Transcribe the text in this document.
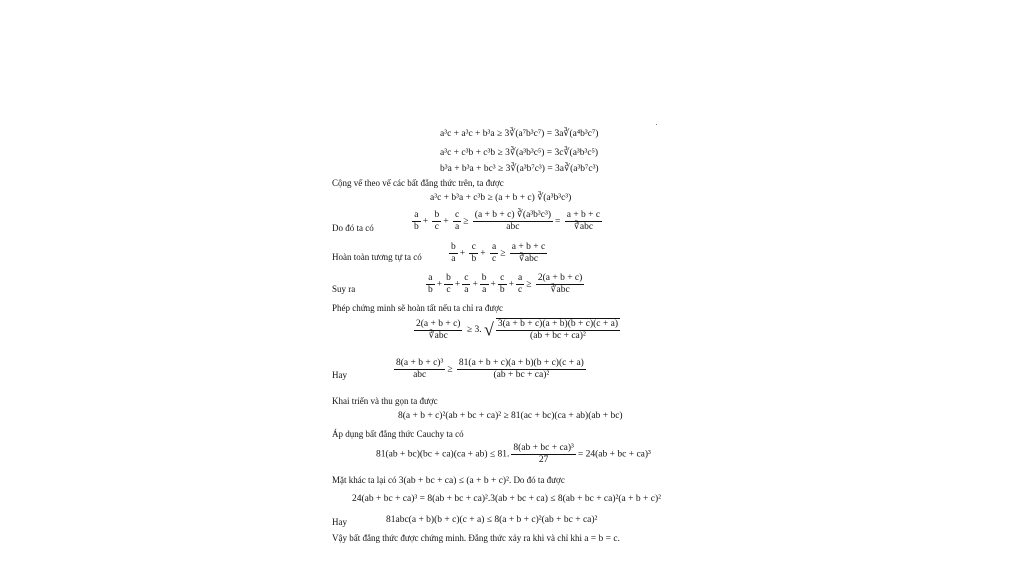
a³c + a³c + b³a ≥ 3∛(a⁷b³c⁷) = 3a∛(a⁴b³c⁷)
a³c + c³b + c³b ≥ 3∛(a³b³c⁵) = 3c∛(a³b³c⁵)
b³a + b³a + bc³ ≥ 3∛(a³b⁷c³) = 3a∛(a³b⁷c³)
Cộng vế theo vế các bất đẳng thức trên, ta được
a³c + b³a + c³b ≥ (a + b + c) ∛(a³b³c³)
Do đó ta có	$\frac{a}{b} + \frac{b}{c} + \frac{c}{a} \ge \frac{\text{(a + b + c) ∛(a³b³c³)}}{\text{abc}} = \frac{a + b + c}{\text{∛abc}}$
Hoàn toàn tương tự ta có	$\frac{b}{a} + \frac{c}{b} + \frac{a}{c} \ge \frac{a + b + c}{\text{∛abc}}$
Suy ra	$\frac{a}{b} + \frac{b}{c} + \frac{c}{a} + \frac{b}{a} + \frac{c}{b} + \frac{a}{c} \ge \frac{2(a + b + c)}{\text{∛abc}}$
Phép chứng minh sẽ hoàn tất nếu ta chỉ ra được
$\frac{2(a + b + c)}{\text{∛abc}} \ge 3$. √ $\frac{3(a + b + c)(a + b)(b + c)(c + a)}{\text{(ab + bc + ca)²}}$
Hay	$\frac{\text{8(a + b + c)³}}{\text{abc}} \ge \frac{81(a + b + c)(a + b)(b + c)(c + a)}{\text{(ab + bc + ca)²}}$
Khai triển và thu gọn ta được
8(a + b + c)²(ab + bc + ca)² ≥ 81(ac + bc)(ca + ab)(ab + bc)
Áp dụng bất đẳng thức Cauchy ta có
81(ab + bc)(bc + ca)(ca + ab) ≤ 81. $\frac{\text{8(ab + bc + ca)³}}{27} = 24(ab$ + bc + ca)³
Mặt khác ta lại có 3(ab + bc + ca) ≤ (a + b + c)². Do đó ta được
24(ab + bc + ca)³ = 8(ab + bc + ca)².3(ab + bc + ca) ≤ 8(ab + bc + ca)²(a + b + c)²
Hay	81abc(a + b)(b + c)(c + a) ≤ 8(a + b + c)²(ab + bc + ca)²
Vậy bất đẳng thức được chứng minh. Đẳng thức xảy ra khi và chỉ khi a = b = c.
